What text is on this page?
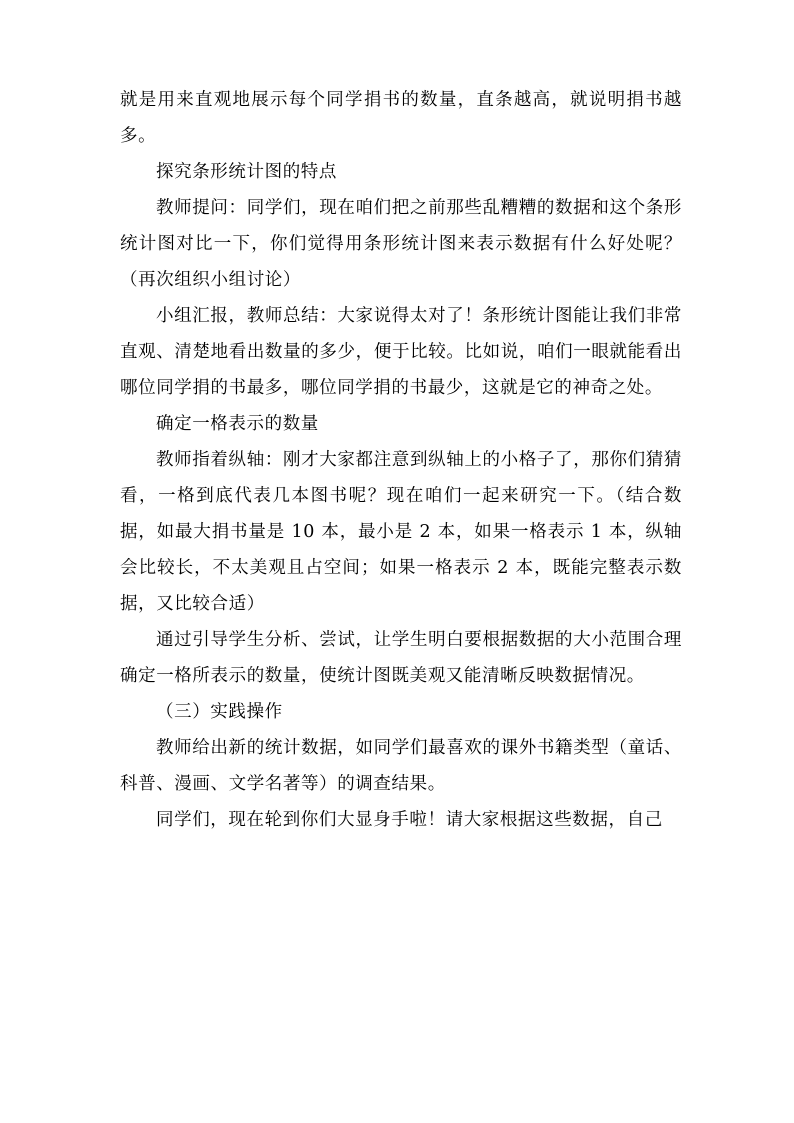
就是用来直观地展示每个同学捐书的数量，直条越高，就说明捐书越多。

探究条形统计图的特点

教师提问：同学们，现在咱们把之前那些乱糟糟的数据和这个条形统计图对比一下，你们觉得用条形统计图来表示数据有什么好处呢？（再次组织小组讨论）

小组汇报，教师总结：大家说得太对了！条形统计图能让我们非常直观、清楚地看出数量的多少，便于比较。比如说，咱们一眼就能看出哪位同学捐的书最多，哪位同学捐的书最少，这就是它的神奇之处。

确定一格表示的数量

教师指着纵轴：刚才大家都注意到纵轴上的小格子了，那你们猜猜看，一格到底代表几本图书呢？现在咱们一起来研究一下。（结合数据，如最大捐书量是 10 本，最小是 2 本，如果一格表示 1 本，纵轴会比较长，不太美观且占空间；如果一格表示 2 本，既能完整表示数据，又比较合适）

通过引导学生分析、尝试，让学生明白要根据数据的大小范围合理确定一格所表示的数量，使统计图既美观又能清晰反映数据情况。

（三）实践操作

教师给出新的统计数据，如同学们最喜欢的课外书籍类型（童话、科普、漫画、文学名著等）的调查结果。

同学们，现在轮到你们大显身手啦！请大家根据这些数据，自己
